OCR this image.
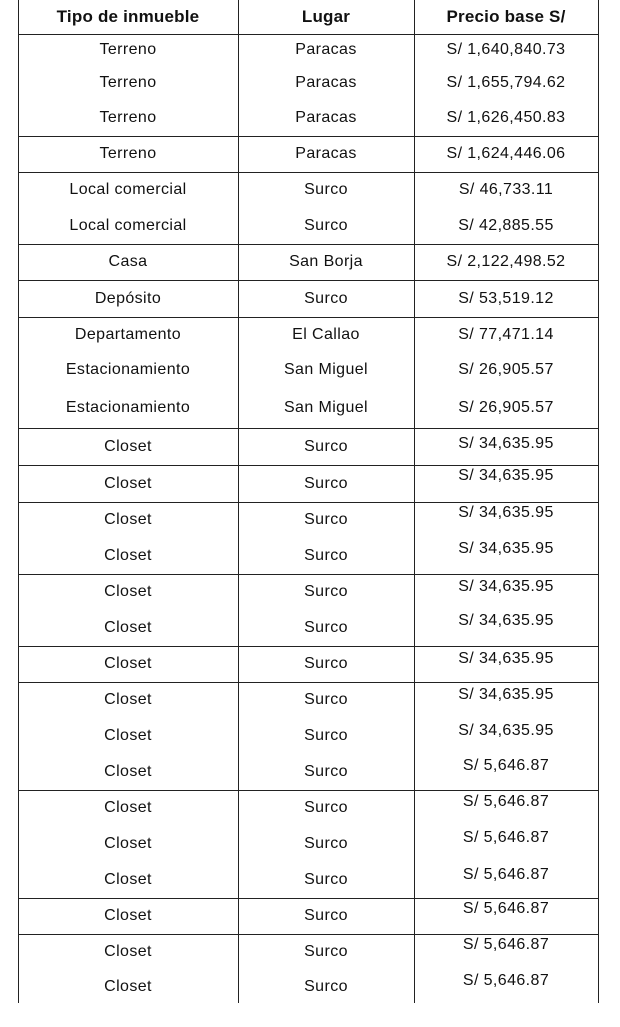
Tipo de inmueble	Lugar	Precio base S/
Terreno	Paracas	S/ 1,640,840.73
Terreno	Paracas	S/ 1,655,794.62
Terreno	Paracas	S/ 1,626,450.83
Terreno	Paracas	S/ 1,624,446.06
Local comercial	Surco	S/ 46,733.11
Local comercial	Surco	S/ 42,885.55
Casa	San Borja	S/ 2,122,498.52
Depósito	Surco	S/ 53,519.12
Departamento	El Callao	S/ 77,471.14
Estacionamiento	San Miguel	S/ 26,905.57
Estacionamiento	San Miguel	S/ 26,905.57
Closet	Surco	S/ 34,635.95
Closet	Surco	S/ 34,635.95
Closet	Surco	S/ 34,635.95
Closet	Surco	S/ 34,635.95
Closet	Surco	S/ 34,635.95
Closet	Surco	S/ 34,635.95
Closet	Surco	S/ 34,635.95
Closet	Surco	S/ 34,635.95
Closet	Surco	S/ 34,635.95
Closet	Surco	S/ 5,646.87
Closet	Surco	S/ 5,646.87
Closet	Surco	S/ 5,646.87
Closet	Surco	S/ 5,646.87
Closet	Surco	S/ 5,646.87
Closet	Surco	S/ 5,646.87
Closet	Surco	S/ 5,646.87
